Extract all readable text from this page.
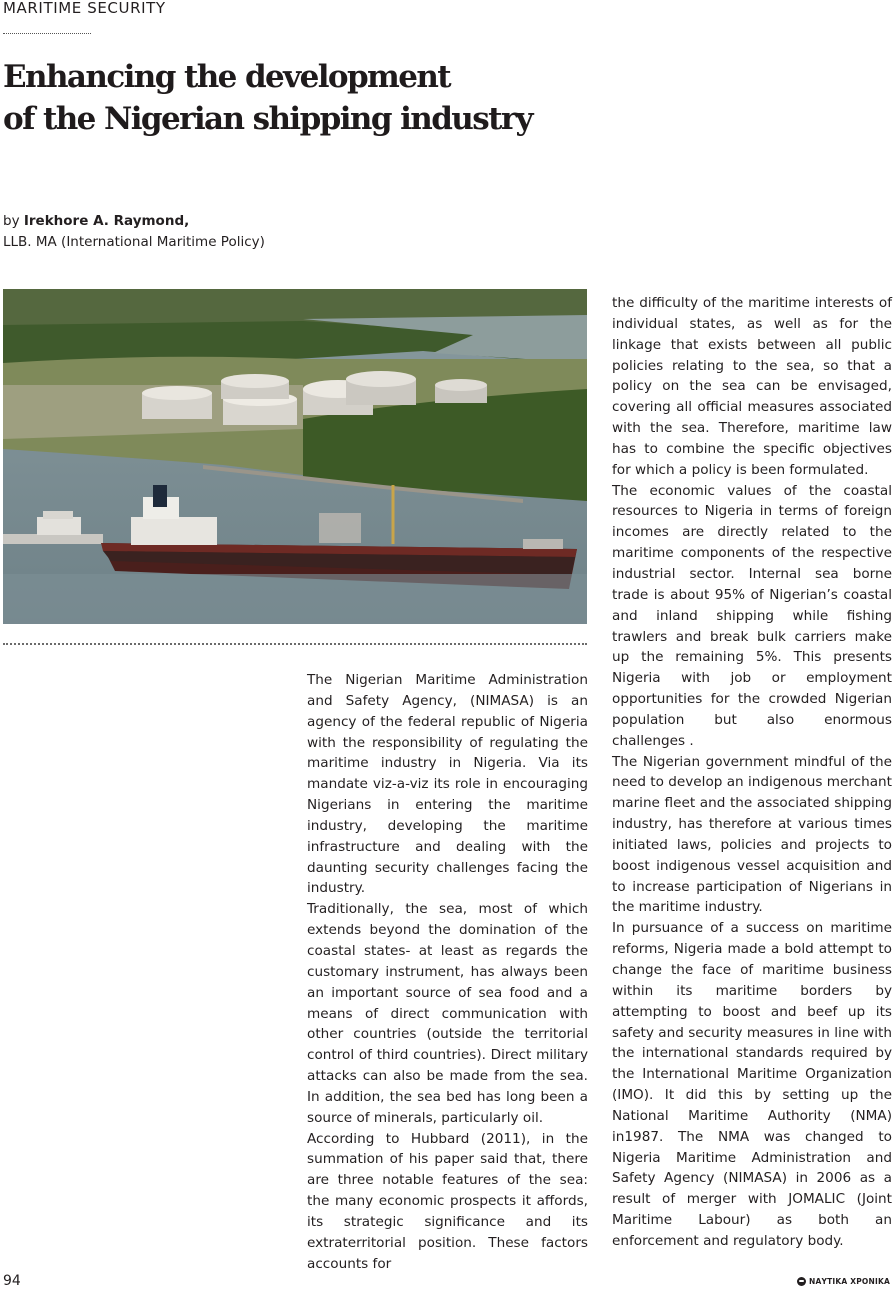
MARITIME SECURITY
Enhancing the development
of the Nigerian shipping industry
by Irekhore A. Raymond,
LLB. MA (International Maritime Policy)

The Nigerian Maritime Administration and Safety Agency, (NIMASA) is an agency of the federal republic of Nigeria with the responsibility of regulating the maritime industry in Nigeria. Via its mandate viz-a-viz its role in encouraging Nigerians in entering the maritime industry, developing the maritime infrastructure and dealing with the daunting security challenges facing the industry.

Traditionally, the sea, most of which extends beyond the domination of the coastal states- at least as regards the customary instrument, has always been an important source of sea food and a means of direct communication with other countries (outside the territorial control of third countries). Direct military attacks can also be made from the sea. In addition, the sea bed has long been a source of minerals, particularly oil.

According to Hubbard (2011), in the summation of his paper said that, there are three notable features of the sea: the many economic prospects it affords, its strategic significance and its extraterritorial position. These factors accounts for

the difficulty of the maritime interests of individual states, as well as for the linkage that exists between all public policies relating to the sea, so that a policy on the sea can be envisaged, covering all official measures associated with the sea. Therefore, maritime law has to combine the specific objectives for which a policy is been formulated.

The economic values of the coastal resources to Nigeria in terms of foreign incomes are directly related to the maritime components of the respective industrial sector. Internal sea borne trade is about 95% of Nigerian’s coastal and inland shipping while fishing trawlers and break bulk carriers make up the remaining 5%. This presents Nigeria with job or employment opportunities for the crowded Nigerian population but also enormous challenges .

The Nigerian government mindful of the need to develop an indigenous merchant marine fleet and the associated shipping industry, has therefore at various times initiated laws, policies and projects to boost indigenous vessel acquisition and to increase participation of Nigerians in the maritime industry.

In pursuance of a success on maritime reforms, Nigeria made a bold attempt to change the face of maritime business within its maritime borders by attempting to boost and beef up its safety and security measures in line with the international standards required by the International Maritime Organization (IMO). It did this by setting up the National Maritime Authority (NMA) in1987. The NMA was changed to Nigeria Maritime Administration and Safety Agency (NIMASA) in 2006 as a result of merger with JOMALIC (Joint Maritime Labour) as both an enforcement and regulatory body.

94	ΝΑΥΤΙΚΑ ΧΡΟΝΙΚΑ
